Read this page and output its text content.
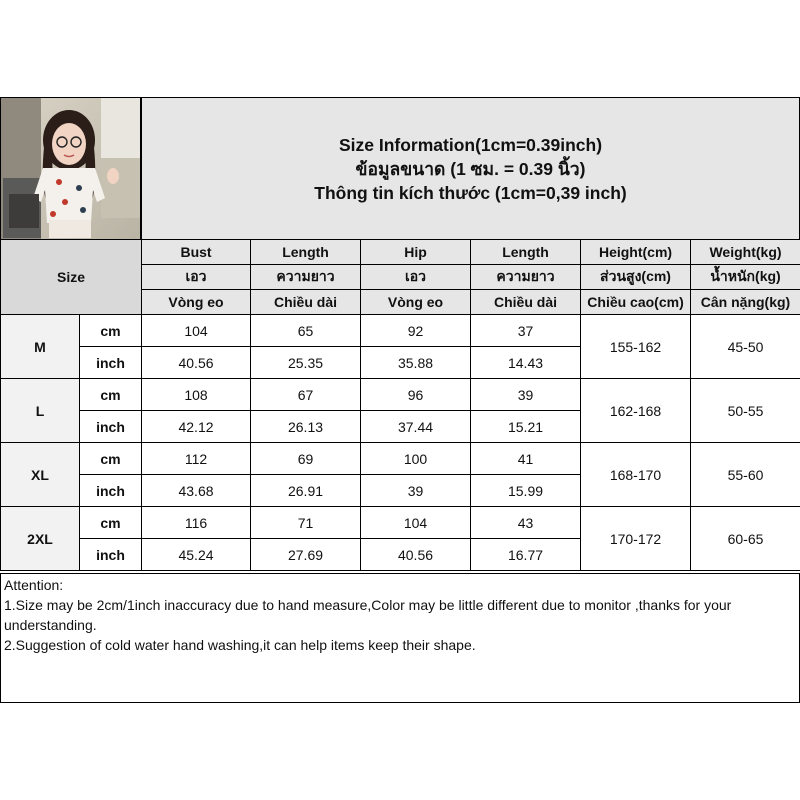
Size Information(1cm=0.39inch)
ข้อมูลขนาด (1 ซม. = 0.39 นิ้ว)
Thông tin kích thước (1cm=0,39 inch)
Size		Bust	Length	Hip	Length	Height(cm)	Weight(kg)
		เอว	ความยาว	เอว	ความยาว	ส่วนสูง(cm)	น้ำหนัก(kg)
		Vòng eo	Chiều dài	Vòng eo	Chiều dài	Chiều cao(cm)	Cân nặng(kg)
M	cm	104	65	92	37	155-162	45-50
	inch	40.56	25.35	35.88	14.43		
L	cm	108	67	96	39	162-168	50-55
	inch	42.12	26.13	37.44	15.21		
XL	cm	112	69	100	41	168-170	55-60
	inch	43.68	26.91	39	15.99		
2XL	cm	116	71	104	43	170-172	60-65
	inch	45.24	27.69	40.56	16.77		

Attention:

1.Size may be 2cm/1inch inaccuracy due to hand measure,Color may be little different due to monitor ,thanks for your understanding.

2.Suggestion of cold water hand washing,it can help items keep their shape.
